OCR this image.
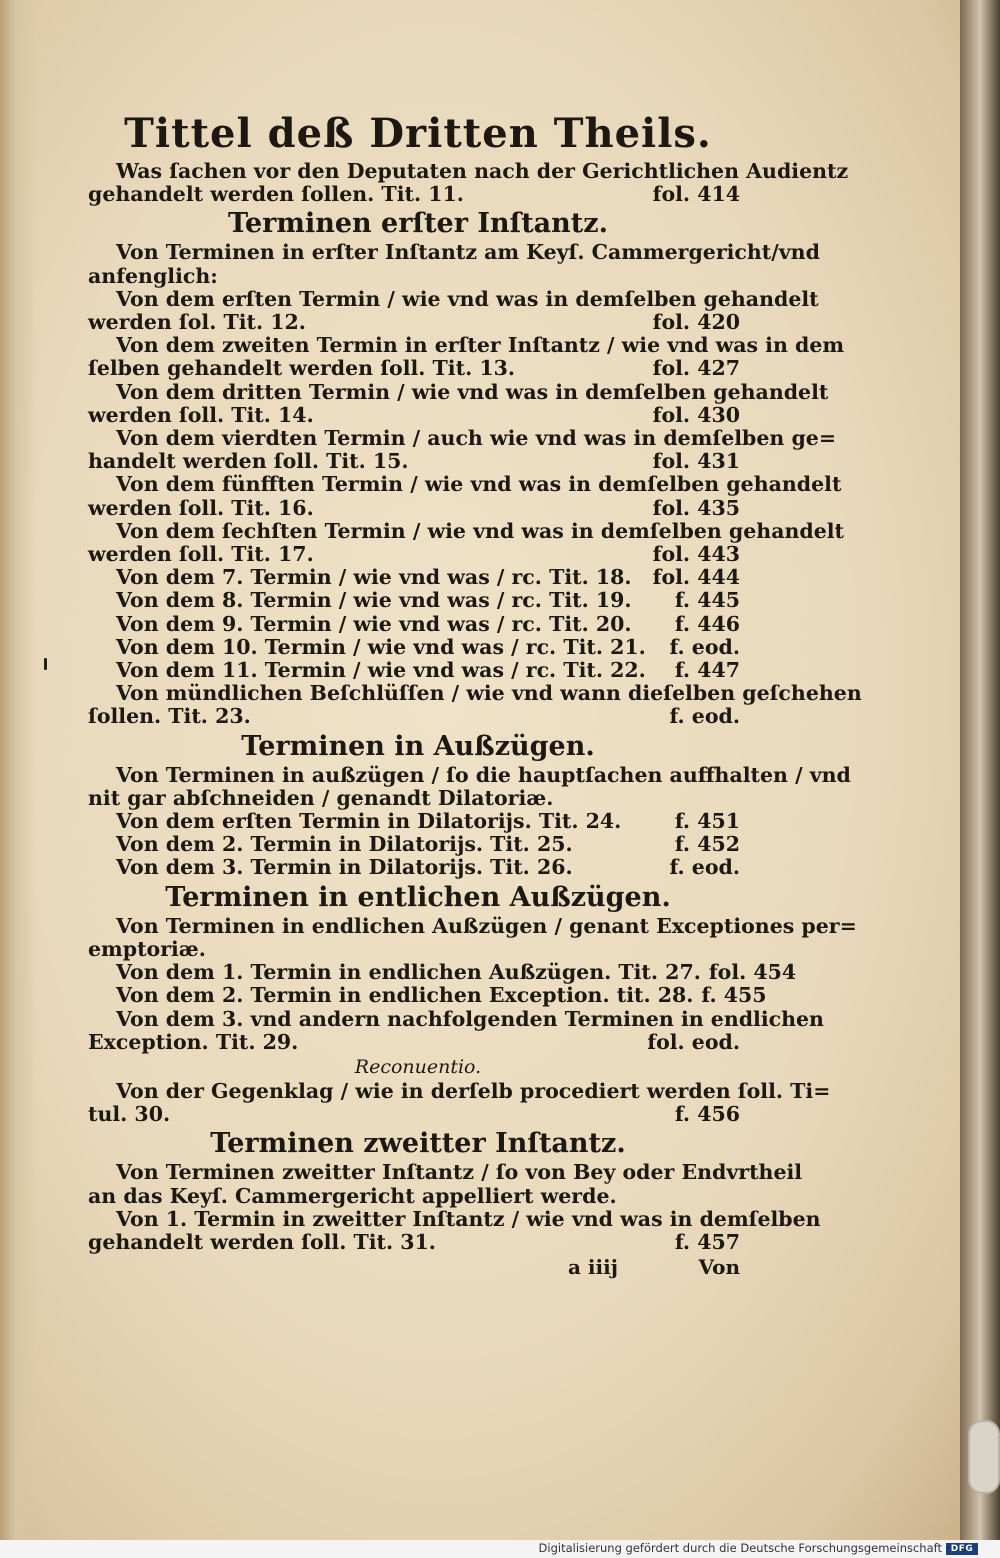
Tittel deß Dritten Theils.
Was ſachen vor den Deputaten nach der Gerichtlichen Audientz
gehandelt werden ſollen. Tit. 11.	fol. 414
Terminen erſter Inſtantz.
Von Terminen in erſter Inſtantz am Keyſ. Cammergericht/vnd
anfenglich:
Von dem erſten Termin / wie vnd was in demſelben gehandelt
werden ſol. Tit. 12.	fol. 420
Von dem zweiten Termin in erſter Inſtantz / wie vnd was in dem
ſelben gehandelt werden ſoll. Tit. 13.	fol. 427
Von dem dritten Termin / wie vnd was in demſelben gehandelt
werden ſoll. Tit. 14.	fol. 430
Von dem vierdten Termin / auch wie vnd was in demſelben ge=
handelt werden ſoll. Tit. 15.	fol. 431
Von dem fünfften Termin / wie vnd was in demſelben gehandelt
werden ſoll. Tit. 16.	fol. 435
Von dem ſechſten Termin / wie vnd was in demſelben gehandelt
werden ſoll. Tit. 17.	fol. 443
Von dem 7. Termin / wie vnd was / rc. Tit. 18.	fol. 444
Von dem 8. Termin / wie vnd was / rc. Tit. 19.	f. 445
Von dem 9. Termin / wie vnd was / rc. Tit. 20.	f. 446
Von dem 10. Termin / wie vnd was / rc. Tit. 21.	f. eod.
Von dem 11. Termin / wie vnd was / rc. Tit. 22.	f. 447
Von mündlichen Beſchlüſſen / wie vnd wann dieſelben geſchehen
ſollen. Tit. 23.	f. eod.
Terminen in Außzügen.
Von Terminen in außzügen / ſo die hauptſachen auffhalten / vnd
nit gar abſchneiden / genandt Dilatoriæ.
Von dem erſten Termin in Dilatorijs. Tit. 24.	f. 451
Von dem 2. Termin in Dilatorijs. Tit. 25.	f. 452
Von dem 3. Termin in Dilatorijs. Tit. 26.	f. eod.
Terminen in entlichen Außzügen.
Von Terminen in endlichen Außzügen / genant Exceptiones per=
emptoriæ.
Von dem 1. Termin in endlichen Außzügen. Tit. 27. fol. 454
Von dem 2. Termin in endlichen Exception. tit. 28. f. 455
Von dem 3. vnd andern nachfolgenden Terminen in endlichen
Exception. Tit. 29.	fol. eod.
Reconuentio.
Von der Gegenklag / wie in derſelb procediert werden ſoll. Ti=
tul. 30.	f. 456
Terminen zweitter Inſtantz.
Von Terminen zweitter Inſtantz / ſo von Bey oder Endvrtheil
an das Keyſ. Cammergericht appelliert werde.
Von 1. Termin in zweitter Inſtantz / wie vnd was in demſelben
gehandelt werden ſoll. Tit. 31.	f. 457
a iiij	Von
Digitalisierung gefördert durch die Deutsche Forschungsgemeinschaft DFG
